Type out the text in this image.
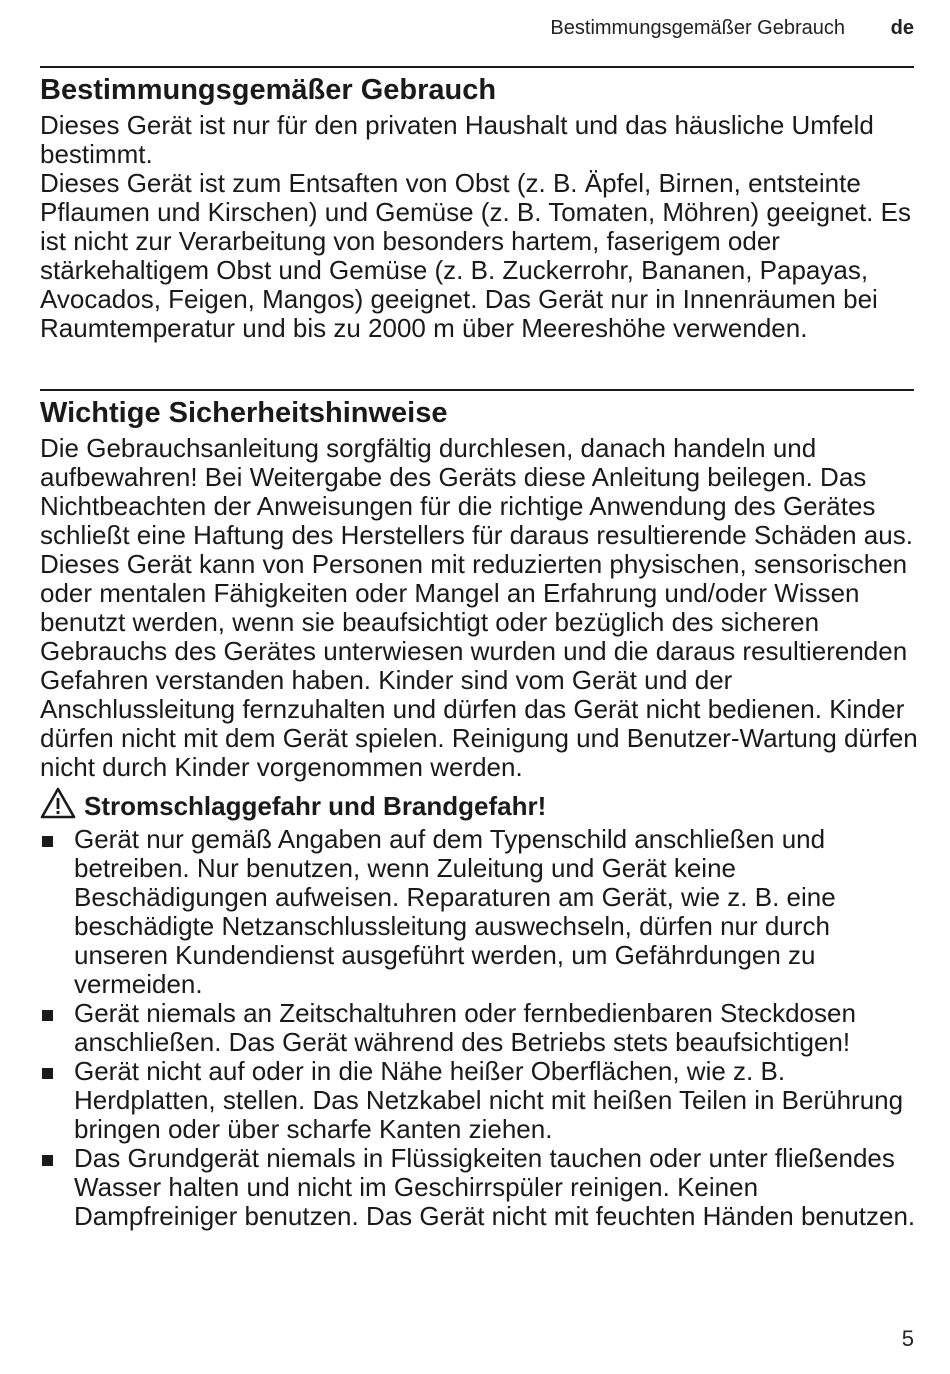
Bestimmungsgemäßer Gebrauch de
Bestimmungsgemäßer Gebrauch

Dieses Gerät ist nur für den privaten Haushalt und das häusliche Umfeld bestimmt.

Dieses Gerät ist zum Entsaften von Obst (z. B. Äpfel, Birnen, entsteinte Pflaumen und Kirschen) und Gemüse (z. B. Tomaten, Möhren) geeignet. Es ist nicht zur Verarbeitung von besonders hartem, faserigem oder stärkehaltigem Obst und Gemüse (z. B. Zuckerrohr, Bananen, Papayas, Avocados, Feigen, Mangos) geeignet. Das Gerät nur in Innenräumen bei Raumtemperatur und bis zu 2000 m über Meereshöhe verwenden.

Wichtige Sicherheitshinweise

Die Gebrauchsanleitung sorgfältig durchlesen, danach handeln und aufbewahren! Bei Weitergabe des Geräts diese Anleitung beilegen. Das Nichtbeachten der Anweisungen für die richtige Anwendung des Gerätes schließt eine Haftung des Herstellers für daraus resultierende Schäden aus.

Dieses Gerät kann von Personen mit reduzierten physischen, sensorischen oder mentalen Fähigkeiten oder Mangel an Erfahrung und/oder Wissen benutzt werden, wenn sie beaufsichtigt oder bezüglich des sicheren Gebrauchs des Gerätes unterwiesen wurden und die daraus resultierenden Gefahren verstanden haben. Kinder sind vom Gerät und der Anschlussleitung fernzuhalten und dürfen das Gerät nicht bedienen. Kinder dürfen nicht mit dem Gerät spielen. Reinigung und Benutzer-Wartung dürfen nicht durch Kinder vorgenommen werden.

Stromschlaggefahr und Brandgefahr!
Gerät nur gemäß Angaben auf dem Typenschild anschließen und betreiben. Nur benutzen, wenn Zuleitung und Gerät keine Beschädigungen aufweisen. Reparaturen am Gerät, wie z. B. eine beschädigte Netzanschlussleitung auswechseln, dürfen nur durch unseren Kundendienst ausgeführt werden, um Gefährdungen zu vermeiden.
Gerät niemals an Zeitschaltuhren oder fernbedienbaren Steckdosen anschließen. Das Gerät während des Betriebs stets beaufsichtigen!
Gerät nicht auf oder in die Nähe heißer Oberflächen, wie z. B. Herdplatten, stellen. Das Netzkabel nicht mit heißen Teilen in Berührung bringen oder über scharfe Kanten ziehen.
Das Grundgerät niemals in Flüssigkeiten tauchen oder unter fließendes Wasser halten und nicht im Geschirrspüler reinigen. Keinen Dampfreiniger benutzen. Das Gerät nicht mit feuchten Händen benutzen.
5
